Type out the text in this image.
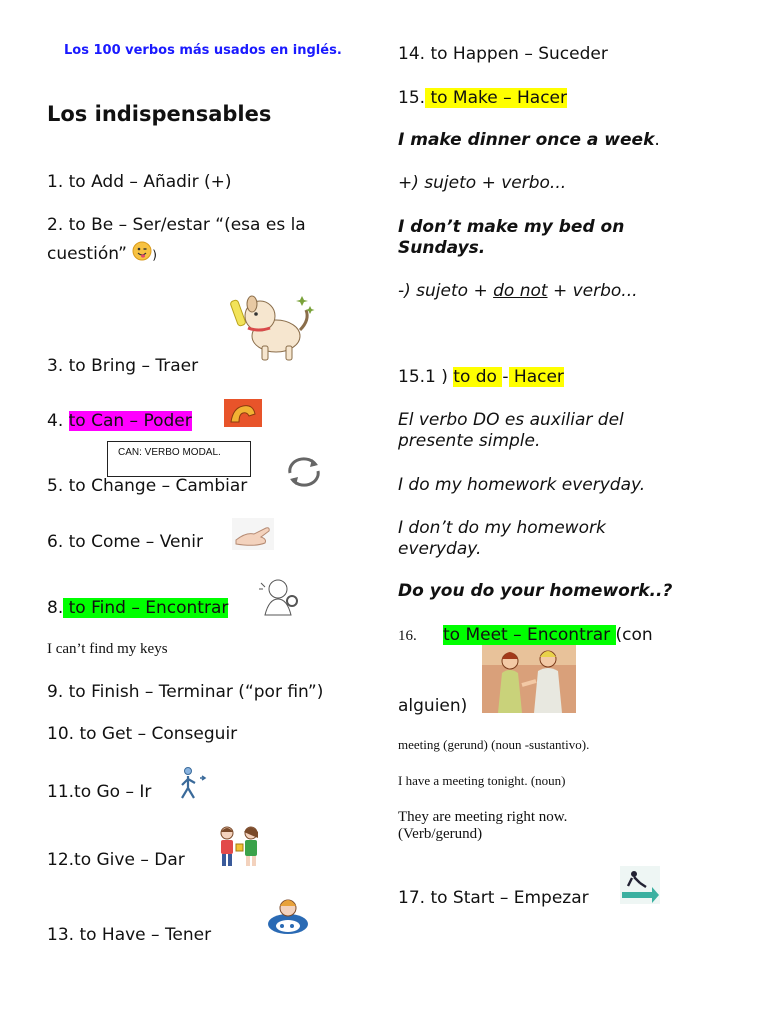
Los 100 verbos más usados en inglés.
Los indispensables
1. to Add – Añadir (+)
2. to Be – Ser/estar “(esa es la
cuestión” )
3. to Bring – Traer
4. to Can – Poder
CAN: VERBO MODAL.
5. to Change – Cambiar
6. to Come – Venir
8. to Find – Encontrar
I can’t find my keys
9. to Finish – Terminar (“por fin”)
10. to Get – Conseguir
11.to Go – Ir
12.to Give – Dar
13. to Have – Tener
14. to Happen – Suceder
15. to Make – Hacer
I make dinner once a week.
+) sujeto + verbo...
I don’t make my bed on
Sundays.
-) sujeto + do not + verbo...
15.1 ) to do - Hacer
El verbo DO es auxiliar del
presente simple.
I do my homework everyday.
I don’t do my homework
everyday.
Do you do your homework..?
16. to Meet – Encontrar (con
alguien)
meeting (gerund) (noun -sustantivo).
I have a meeting tonight. (noun)
They are meeting right now.
(Verb/gerund)
17. to Start – Empezar
